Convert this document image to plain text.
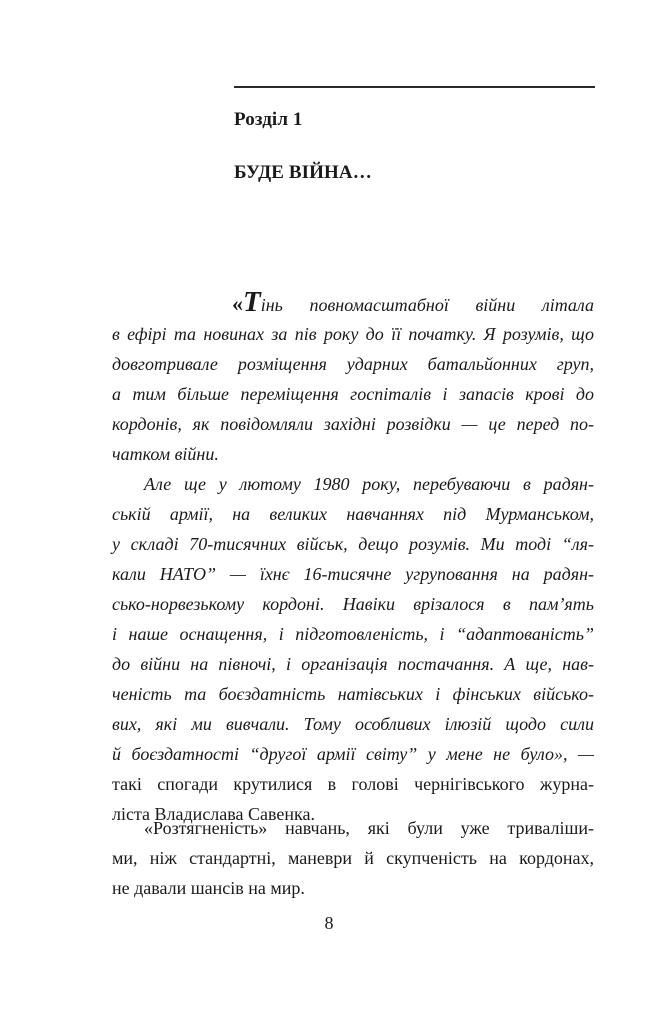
Розділ 1
БУДЕ ВІЙНА…
«Тінь повномасштабної війни літала
в ефірі та новинах за пів року до її початку. Я розумів, що
довготривале розміщення ударних батальйонних груп,
а тим більше переміщення госпіталів і запасів крові до
кордонів, як повідомляли західні розвідки — це перед по-
чатком війни.
Але ще у лютому 1980 року, перебуваючи в радян-
ській армії, на великих навчаннях під Мурманськом,
у складі 70-тисячних військ, дещо розумів. Ми тоді “ля-
кали НАТО” — їхнє 16-тисячне угруповання на радян-
сько-норвезькому кордоні. Навіки врізалося в пам’ять
і наше оснащення, і підготовленість, і “адаптованість”
до війни на півночі, і організація постачання. А ще, нав-
ченість та боєздатність натівських і фінських військо-
вих, які ми вивчали. Тому особливих ілюзій щодо сили
й боєздатності “другої армії світу” у мене не було», —
такі спогади крутилися в голові чернігівського журна-
ліста Владислава Савенка.
«Розтягненість» навчань, які були уже триваліши-
ми, ніж стандартні, маневри й скупченість на кордонах,
не давали шансів на мир.
8
